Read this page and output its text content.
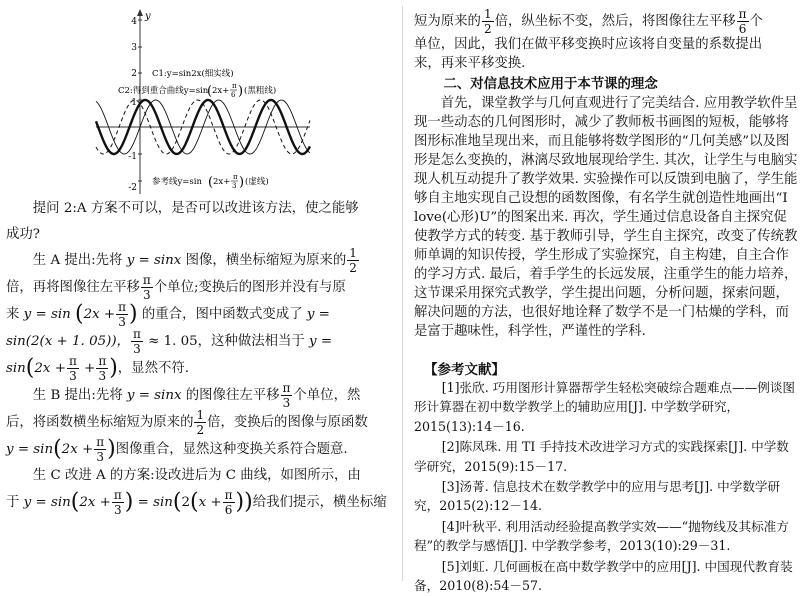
y
4
3
2
1
-1
-2
C1:y=sin2x(细实线)
C2:得到重合曲线y=sin
( 2x+ π
6 ) (黑粗线)
参考线y=sin ( 2x+ π
3 ) (虚线)

提问 2:A 方案不可以，是否可以改进该方法，使之能够

成功?

生 A 提出:先将 y = sinx 图像，横坐标缩短为原来的 $\frac{1}{2}$

倍，再将图像往左平移 $\frac{\pi}{3}$ 个单位;变换后的图形并没有与原

来 $y = \sin (2x + \frac{\pi}{3}$ ) 的重合，图中函数式变成了 y =

sin(2(x + 1. 05))， $\frac{\pi}{3} \approx 1$. 05，这种做法相当于 y =

$\sin(2x + \frac{\pi}{3} + \frac{\pi}{3}$ )，显然不符.

生 B 提出:先将 y = sinx 的图像往左平移 $\frac{\pi}{3}$ 个单位，然

后，将函数横坐标缩短为原来的 $\frac{1}{2}$ 倍，变换后的图像与原函数

$y = \sin(2x + \frac{\pi}{3}$ )图像重合，显然这种变换关系符合题意.

生 C 改进 A 的方案:设改进后为 C 曲线，如图所示，由

于 $y = \sin(2x + \frac{\pi}{3}$ ) = $\sin(2(x + \frac{\pi}{6}$ ))给我们提示，横坐标缩

短为原来的 $\frac{1}{2}$ 倍，纵坐标不变，然后，将图像往左平移 $\frac{\pi}{6}$ 个

单位，因此，我们在做平移变换时应该将自变量的系数提出

来，再来平移变换.

二、对信息技术应用于本节课的理念

首先，课堂教学与几何直观进行了完美结合. 应用教学软件呈现一些动态的几何图形时，减少了教师板书画图的短板，能够将图形标准地呈现出来，而且能够将数学图形的“几何美感”以及图形是怎么变换的，淋漓尽致地展现给学生. 其次，让学生与电脑实现人机互动提升了教学效果. 实验操作可以反馈到电脑了，学生能够自主地实现自己设想的函数图像，有名学生就创造性地画出“I love(心形)U”的图案出来. 再次，学生通过信息设备自主探究促使教学方式的转变. 基于教师引导，学生自主探究，改变了传统教师单调的知识传授，学生形成了实验探究，自主构建，自主合作的学习方式. 最后，着手学生的长远发展，注重学生的能力培养，这节课采用探究式教学，学生提出问题，分析问题，探索问题，解决问题的方法，也很好地诠释了数学不是一门枯燥的学科，而是富于趣味性，科学性，严谨性的学科.

【参考文献】

[1]张欣. 巧用图形计算器帮学生轻松突破综合题难点——例谈图形计算器在初中数学教学上的辅助应用[J]. 中学数学研究，2015(13):14－16.

[2]陈凤珠. 用 TI 手持技术改进学习方式的实践探索[J]. 中学数学研究，2015(9):15－17.

[3]汤菁. 信息技术在数学教学中的应用与思考[J]. 中学数学研究，2015(2):12－14.

[4]叶秋平. 利用活动经验提高教学实效——“抛物线及其标准方程”的教学与感悟[J]. 中学教学参考，2013(10):29－31.

[5]刘虹. 几何画板在高中数学教学中的应用[J]. 中国现代教育装备，2010(8):54－57.
